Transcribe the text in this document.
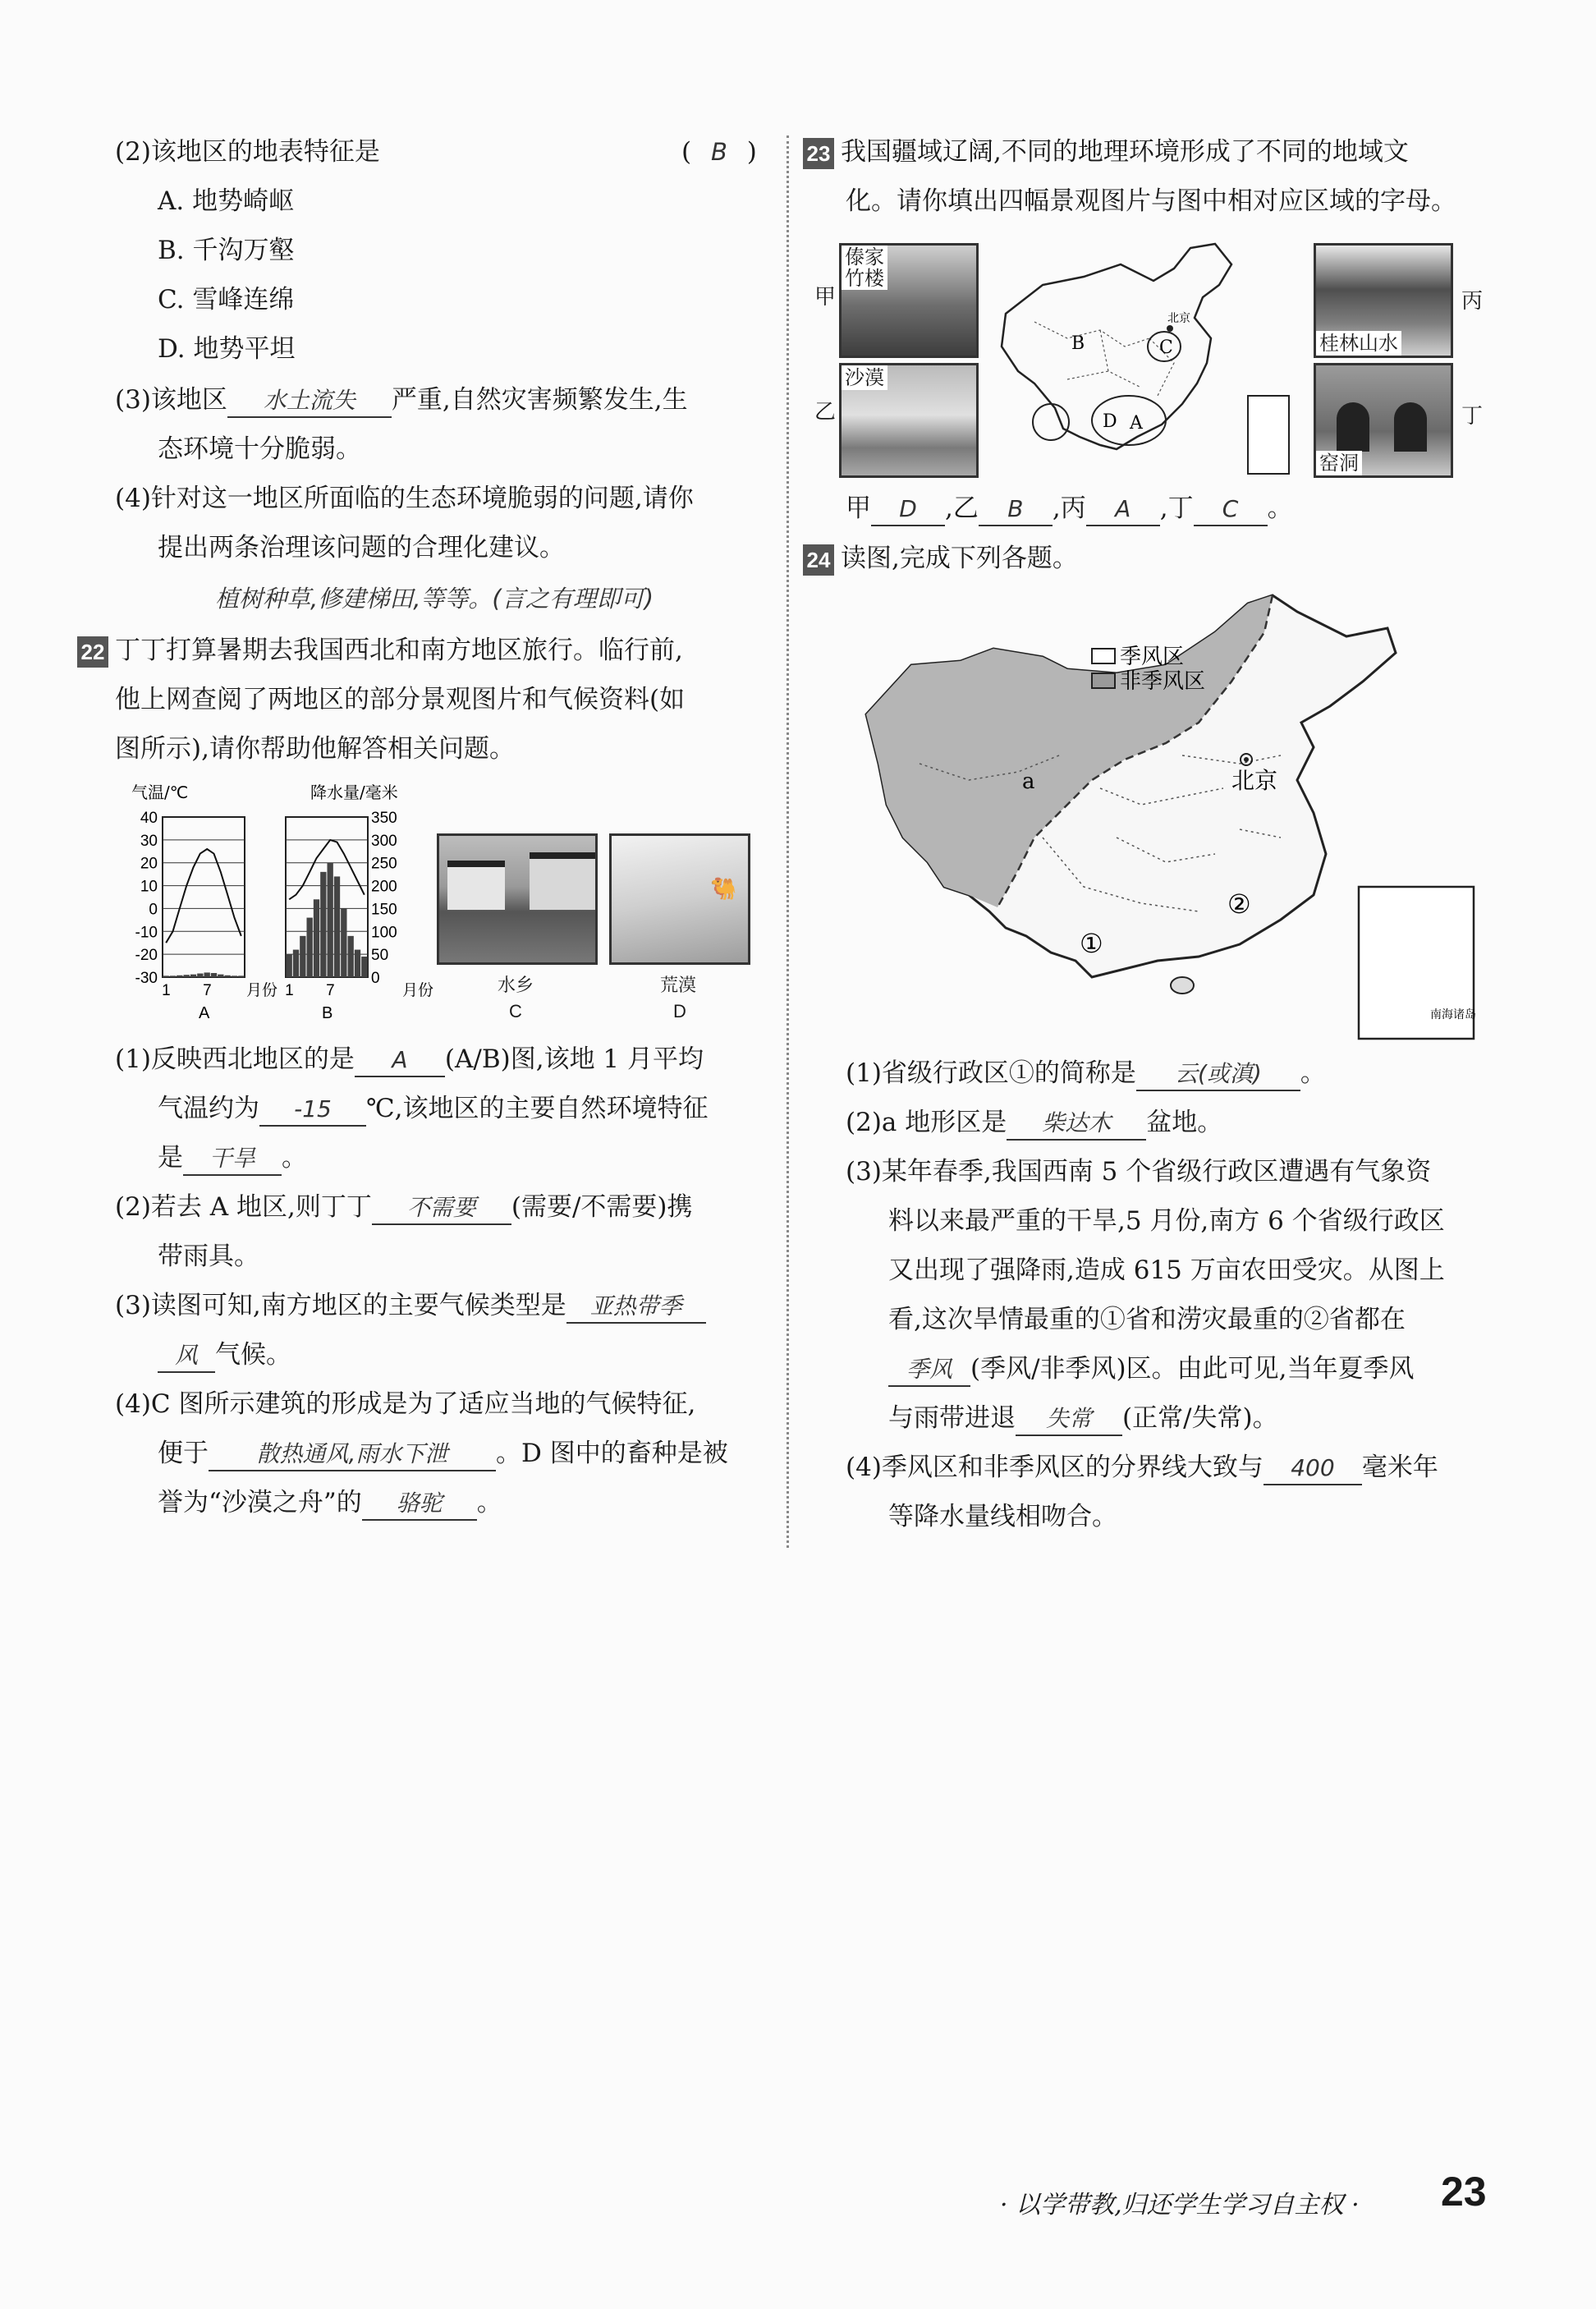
(2)该地区的地表特征是	( B )
A. 地势崎岖
B. 千沟万壑
C. 雪峰连绵
D. 地势平坦
(3)该地区 水土流失 严重,自然灾害频繁发生,生
态环境十分脆弱。
(4)针对这一地区所面临的生态环境脆弱的问题,请你
提出两条治理该问题的合理化建议。
植树种草,修建梯田,等等。(言之有理即可)
22 丁丁打算暑期去我国西北和南方地区旅行。临行前,
他上网查阅了两地区的部分景观图片和气候资料(如
图所示),请你帮助他解答相关问题。
气温/℃	降水量/毫米
40
30
20
10
0
-10
-20
-30
1 7 月份
A
350
300
250
200
150
100
50
0
1 7	月份
B
🐫
水乡	荒漠
C	D
(1)反映西北地区的是 A (A/B)图,该地 1 月平均
气温约为 -15 ℃,该地区的主要自然环境特征
是 干旱 。
(2)若去 A 地区,则丁丁 不需要 (需要/不需要)携
带雨具。
(3)读图可知,南方地区的主要气候类型是 亚热带季
风 气候。
(4)C 图所示建筑的形成是为了适应当地的气候特征,
便于 散热通风,雨水下泄 。D 图中的畜种是被
誉为“沙漠之舟”的 骆驼 。
23 我国疆域辽阔,不同的地理环境形成了不同的地域文
化。请你填出四幅景观图片与图中相对应区域的字母。
甲
傣家
竹楼
乙
沙漠
B	C
D A
北京
桂林山水
丙
窑洞
丁
甲 D ,乙 B ,丙 A ,丁 C 。
24 读图,完成下列各题。
季风区
非季风区
a	北京
①
②
南海诸岛
(1)省级行政区①的简称是 云(或滇) 。
(2)a 地形区是 柴达木 盆地。
(3)某年春季,我国西南 5 个省级行政区遭遇有气象资
料以来最严重的干旱,5 月份,南方 6 个省级行政区
又出现了强降雨,造成 615 万亩农田受灾。从图上
看,这次旱情最重的①省和涝灾最重的②省都在
季风 (季风/非季风)区。由此可见,当年夏季风
与雨带进退 失常 (正常/失常)。
(4)季风区和非季风区的分界线大致与 400 毫米年
等降水量线相吻合。
· 以学带教,归还学生学习自主权 · 23
